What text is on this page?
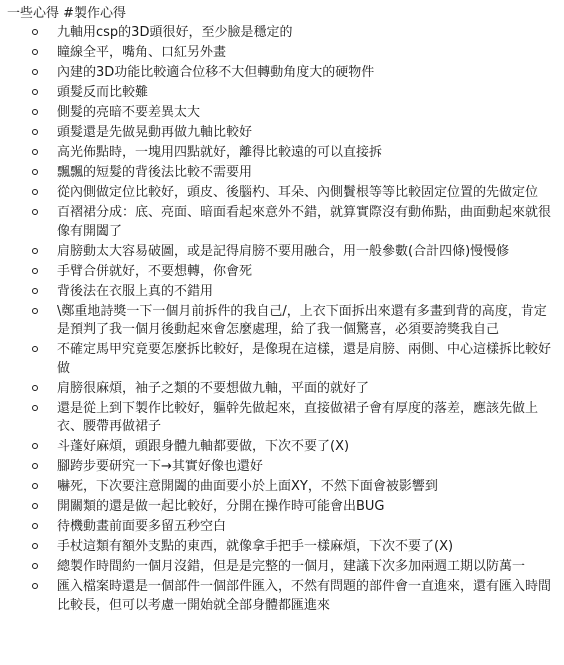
一些心得 #製作心得
九軸用csp的3D頭很好，至少臉是穩定的
瞳線全平，嘴角、口紅另外畫
內建的3D功能比較適合位移不大但轉動角度大的硬物件
頭髮反而比較難
側髮的亮暗不要差異太大
頭髮還是先做晃動再做九軸比較好
高光佈點時，一塊用四點就好，離得比較遠的可以直接拆
飄飄的短髮的背後法比較不需要用
從內側做定位比較好，頭皮、後腦杓、耳朵、內側鬢根等等比較固定位置的先做定位
百褶裙分成：底、亮面、暗面看起來意外不錯，就算實際沒有動佈點，曲面動起來就很像有開闔了
肩膀動太大容易破圖，或是記得肩膀不要用融合，用一般參數(合計四條)慢慢修
手臂合併就好，不要想轉，你會死
背後法在衣服上真的不錯用
\鄭重地詩獎一下一個月前拆件的我自己/，上衣下面拆出來還有多畫到背的高度，肯定是預判了我一個月後動起來會怎麼處理，給了我一個驚喜，必須要誇獎我自己
不確定馬甲究竟要怎麼拆比較好，是像現在這樣，還是肩膀、兩側、中心這樣拆比較好做
肩膀很麻煩，袖子之類的不要想做九軸，平面的就好了
還是從上到下製作比較好，軀幹先做起來，直接做裙子會有厚度的落差，應該先做上衣、腰帶再做裙子
斗蓬好麻煩，頭跟身體九軸都要做，下次不要了(X)
腳跨步要研究一下→其實好像也還好
嚇死，下次要注意開闔的曲面要小於上面XY，不然下面會被影響到
開關類的還是做一起比較好，分開在操作時可能會出BUG
待機動畫前面要多留五秒空白
手杖這類有額外支點的東西，就像拿手把手一樣麻煩，下次不要了(X)
總製作時間約一個月沒錯，但是是完整的一個月，建議下次多加兩週工期以防萬一
匯入檔案時還是一個部件一個部件匯入，不然有問題的部件會一直進來，還有匯入時間比較長，但可以考慮一開始就全部身體都匯進來
